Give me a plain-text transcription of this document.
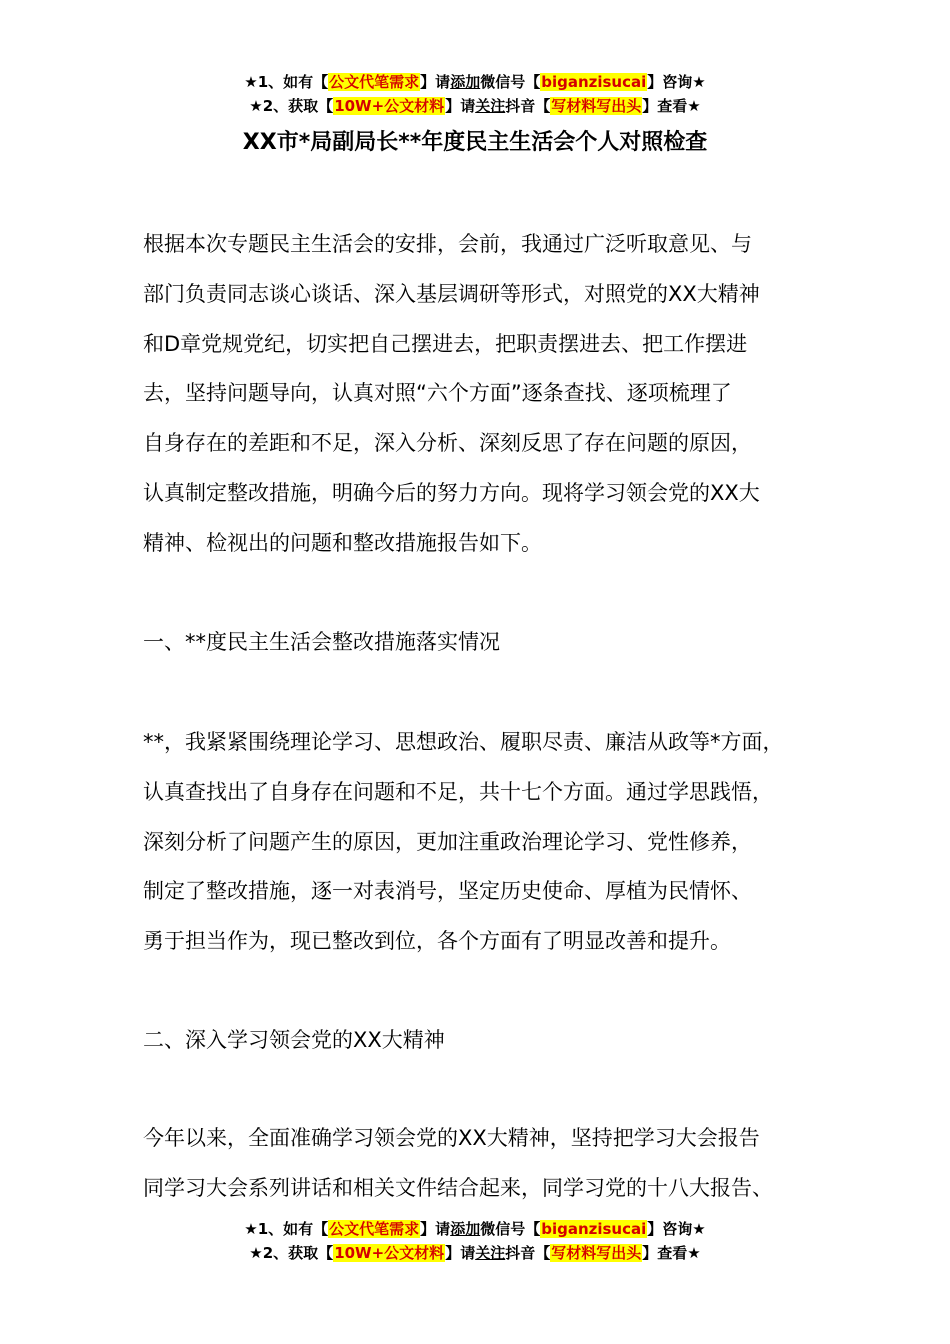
★1、如有【公文代笔需求】请添加微信号【biganzisucai】咨询★
★2、获取【10W+公文材料】请关注抖音【写材料写出头】查看★
XX市*局副局长**年度民主生活会个人对照检查
根据本次专题民主生活会的安排，会前，我通过广泛听取意见、与
部门负责同志谈心谈话、深入基层调研等形式，对照党的XX大精神
和D章党规党纪，切实把自己摆进去，把职责摆进去、把工作摆进
去，坚持问题导向，认真对照“六个方面”逐条查找、逐项梳理了
自身存在的差距和不足，深入分析、深刻反思了存在问题的原因，
认真制定整改措施，明确今后的努力方向。现将学习领会党的XX大
精神、检视出的问题和整改措施报告如下。
一、**度民主生活会整改措施落实情况
**，我紧紧围绕理论学习、思想政治、履职尽责、廉洁从政等*方面，
认真查找出了自身存在问题和不足，共十七个方面。通过学思践悟，
深刻分析了问题产生的原因，更加注重政治理论学习、党性修养，
制定了整改措施，逐一对表消号，坚定历史使命、厚植为民情怀、
勇于担当作为，现已整改到位，各个方面有了明显改善和提升。
二、深入学习领会党的XX大精神
今年以来，全面准确学习领会党的XX大精神，坚持把学习大会报告
同学习大会系列讲话和相关文件结合起来，同学习党的十八大报告、
★1、如有【公文代笔需求】请添加微信号【biganzisucai】咨询★
★2、获取【10W+公文材料】请关注抖音【写材料写出头】查看★
